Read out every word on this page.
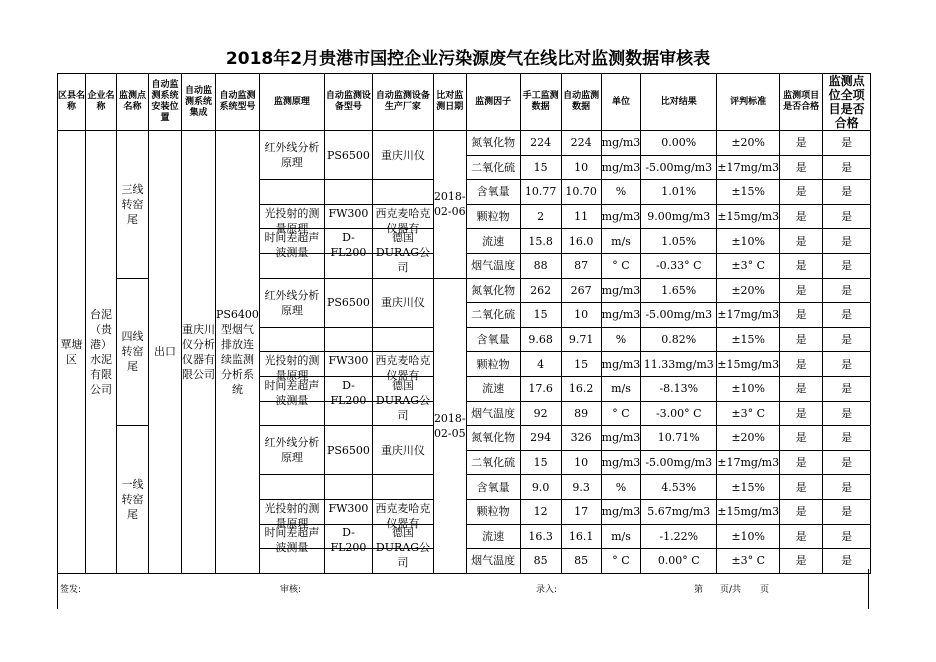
2018年2月贵港市国控企业污染源废气在线比对监测数据审核表
区县名称	企业名称	监测点名称	自动监测系统安装位置	自动监测系统集成	自动监测系统型号	监测原理	自动监测设备型号	自动监测设备生产厂家	比对监测日期	监测因子	手工监测数据	自动监测数据	单位	比对结果	评判标准	监测项目是否合格	监测点位全项目是否合格
覃塘区	台泥（贵港）水泥有限公司	三线转窑尾	出口	重庆川仪分析仪器有限公司	PS6400型烟气排放连续监测分析系统	红外线分析原理	PS6500	重庆川仪	2018-02-06	氮氧化物	224	224	mg/m3	0.00%	±20%	是	是
										二氧化硫	15	10	mg/m3	-5.00mg/m3	±17mg/m3	是	是
										含氧量	10.77	10.70	%	1.01%	±15%	是	是

						光投射的测量原理	FW300	西克麦哈克仪器有		颗粒物	2	11	mg/m3	9.00mg/m3	±15mg/m3	是	是

						时间差超声波测量	D-FL200	德国DURAG公司		流速	15.8	16.0	m/s	1.05%	±10%	是	是
										烟气温度	88	87	° C	-0.33° C	±3° C	是	是
		四线转窑尾				红外线分析原理	PS6500	重庆川仪	2018-02-05	氮氧化物	262	267	mg/m3	1.65%	±20%	是	是
										二氧化硫	15	10	mg/m3	-5.00mg/m3	±17mg/m3	是	是
										含氧量	9.68	9.71	%	0.82%	±15%	是	是

						光投射的测量原理	FW300	西克麦哈克仪器有		颗粒物	4	15	mg/m3	11.33mg/m3	±15mg/m3	是	是

						时间差超声波测量	D-FL200	德国DURAG公司		流速	17.6	16.2	m/s	-8.13%	±10%	是	是
										烟气温度	92	89	° C	-3.00° C	±3° C	是	是
		一线转窑尾				红外线分析原理	PS6500	重庆川仪		氮氧化物	294	326	mg/m3	10.71%	±20%	是	是
										二氧化硫	15	10	mg/m3	-5.00mg/m3	±17mg/m3	是	是
										含氧量	9.0	9.3	%	4.53%	±15%	是	是

						光投射的测量原理	FW300	西克麦哈克仪器有		颗粒物	12	17	mg/m3	5.67mg/m3	±15mg/m3	是	是

						时间差超声波测量	D-FL200	德国DURAG公司		流速	16.3	16.1	m/s	-1.22%	±10%	是	是
										烟气温度	85	85	° C	0.00° C	±3° C	是	是
签发:	审核:	录入:	第 页/共 页
